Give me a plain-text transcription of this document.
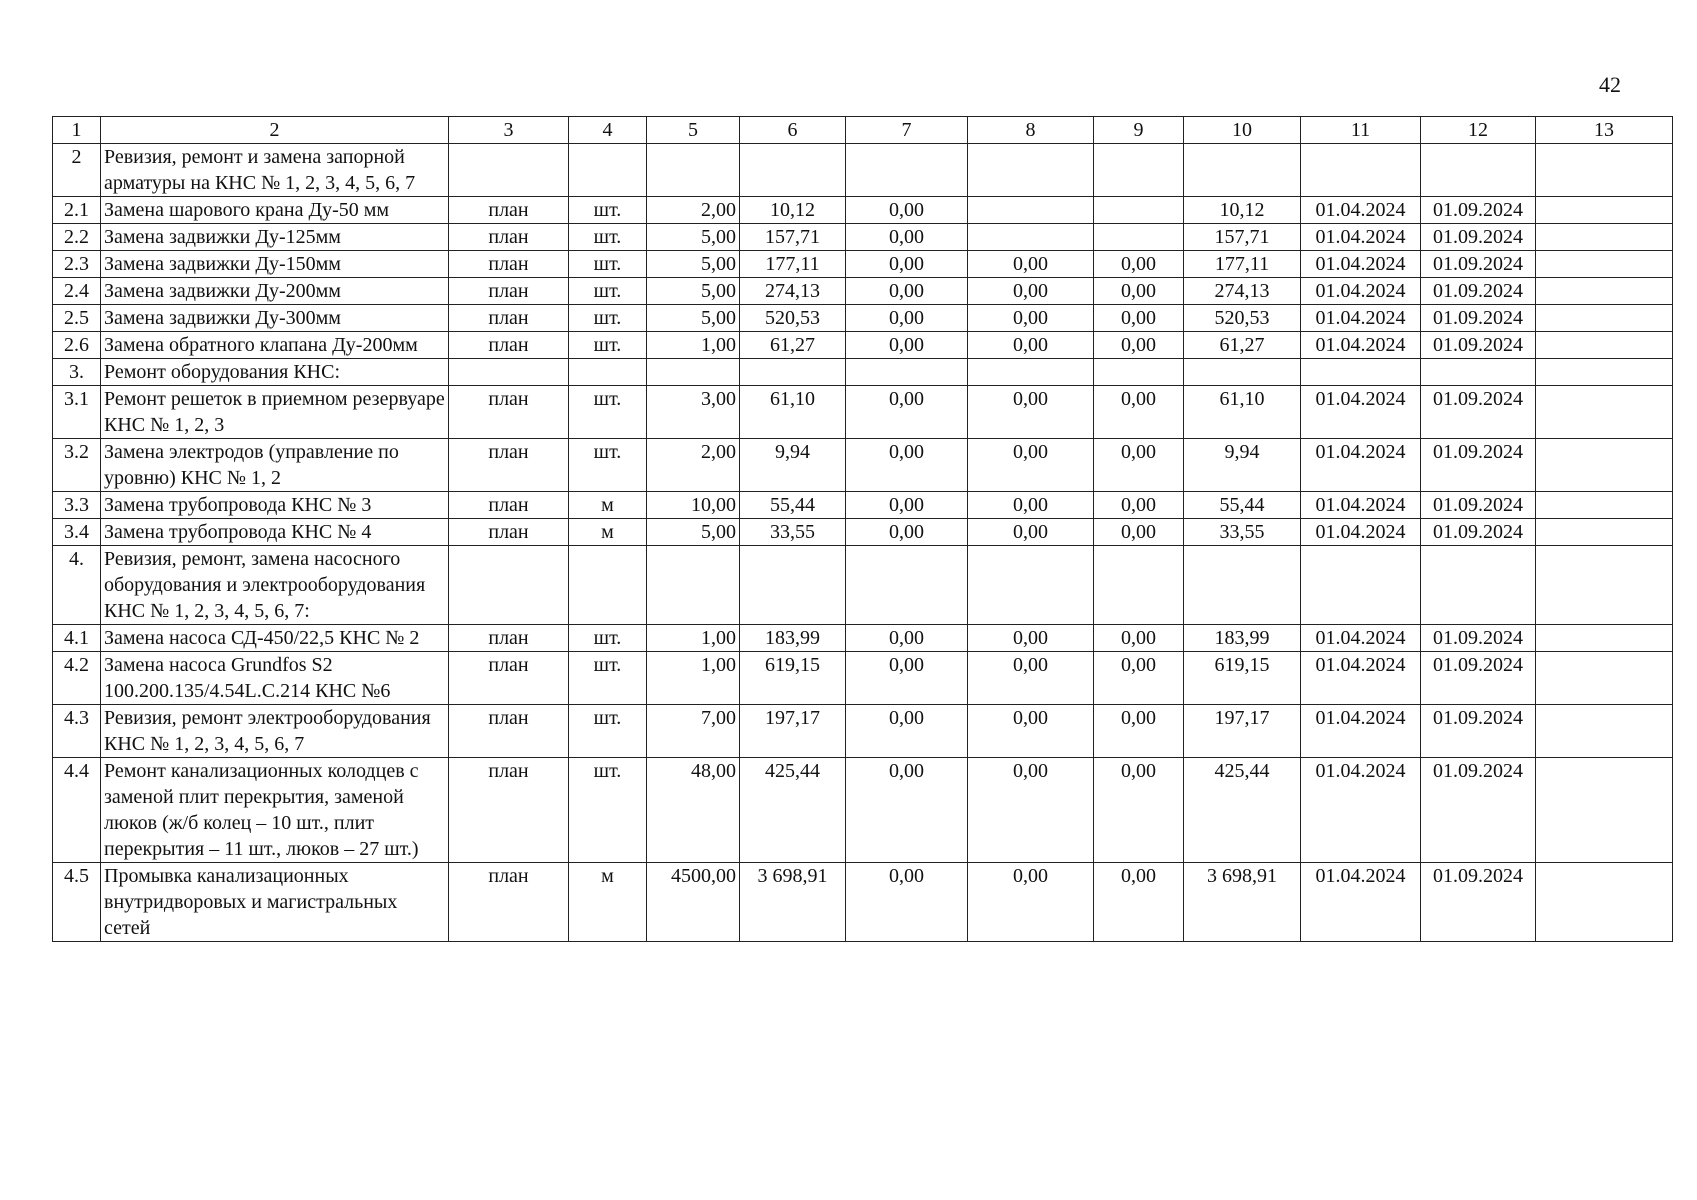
42
1	2	3	4	5	6	7	8	9	10	11	12	13
2	Ревизия, ремонт и замена запорной арматуры на КНС № 1, 2, 3, 4, 5, 6, 7											
2.1	Замена шарового крана Ду-50 мм	план	шт.	2,00	10,12	0,00			10,12	01.04.2024	01.09.2024	
2.2	Замена задвижки Ду-125мм	план	шт.	5,00	157,71	0,00			157,71	01.04.2024	01.09.2024	
2.3	Замена задвижки Ду-150мм	план	шт.	5,00	177,11	0,00	0,00	0,00	177,11	01.04.2024	01.09.2024	
2.4	Замена задвижки Ду-200мм	план	шт.	5,00	274,13	0,00	0,00	0,00	274,13	01.04.2024	01.09.2024	
2.5	Замена задвижки Ду-300мм	план	шт.	5,00	520,53	0,00	0,00	0,00	520,53	01.04.2024	01.09.2024	
2.6	Замена обратного клапана Ду-200мм	план	шт.	1,00	61,27	0,00	0,00	0,00	61,27	01.04.2024	01.09.2024	
3.	Ремонт оборудования КНС:											
3.1	Ремонт решеток в приемном резервуаре КНС № 1, 2, 3	план	шт.	3,00	61,10	0,00	0,00	0,00	61,10	01.04.2024	01.09.2024	
3.2	Замена электродов (управление по уровню) КНС № 1, 2	план	шт.	2,00	9,94	0,00	0,00	0,00	9,94	01.04.2024	01.09.2024	
3.3	Замена трубопровода КНС № 3	план	м	10,00	55,44	0,00	0,00	0,00	55,44	01.04.2024	01.09.2024	
3.4	Замена трубопровода КНС № 4	план	м	5,00	33,55	0,00	0,00	0,00	33,55	01.04.2024	01.09.2024	
4.	Ревизия, ремонт, замена насосного оборудования и электрооборудования КНС № 1, 2, 3, 4, 5, 6, 7:											
4.1	Замена насоса СД-450/22,5 КНС № 2	план	шт.	1,00	183,99	0,00	0,00	0,00	183,99	01.04.2024	01.09.2024	
4.2	Замена насоса Grundfos S2 100.200.135/4.54L.C.214 КНС №6	план	шт.	1,00	619,15	0,00	0,00	0,00	619,15	01.04.2024	01.09.2024	
4.3	Ревизия, ремонт электрооборудования КНС № 1, 2, 3, 4, 5, 6, 7	план	шт.	7,00	197,17	0,00	0,00	0,00	197,17	01.04.2024	01.09.2024	
4.4	Ремонт канализационных колодцев с заменой плит перекрытия, заменой люков (ж/б колец – 10 шт., плит перекрытия – 11 шт., люков – 27 шт.)	план	шт.	48,00	425,44	0,00	0,00	0,00	425,44	01.04.2024	01.09.2024	
4.5	Промывка канализационных внутридворовых и магистральных сетей	план	м	4500,00	3 698,91	0,00	0,00	0,00	3 698,91	01.04.2024	01.09.2024	
